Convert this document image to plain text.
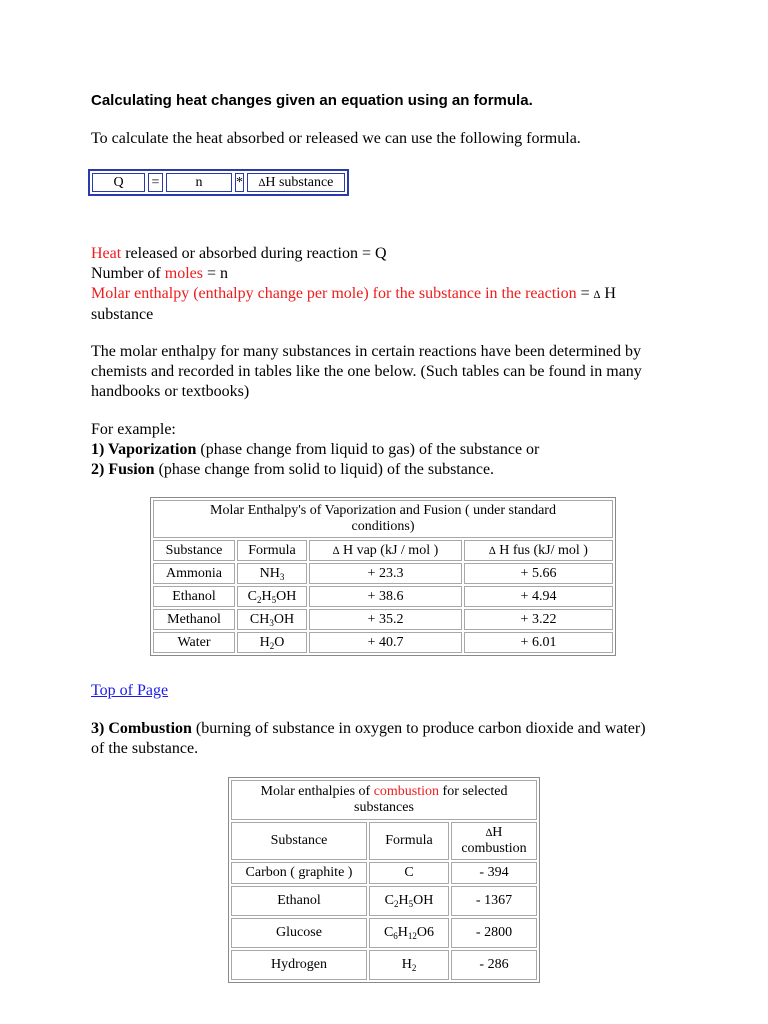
Calculating heat changes given an equation using an formula.
To calculate the heat absorbed or released we can use the following formula.
Q	=	n	*	∆H substance
Heat released or absorbed during reaction = Q
Number of moles = n
Molar enthalpy (enthalpy change per mole) for the substance in the reaction = ∆ H
substance
The molar enthalpy for many substances in certain reactions have been determined by chemists and recorded in tables like the one below. (Such tables can be found in many handbooks or textbooks)
For example:
1) Vaporization (phase change from liquid to gas) of the substance or
2) Fusion (phase change from solid to liquid) of the substance.
Molar Enthalpy's of Vaporization and Fusion ( under standard conditions)			
Substance	Formula	∆ H vap (kJ / mol )	∆ H fus (kJ/ mol )
Ammonia	$NH_3$	+ 23.3	+ 5.66
Ethanol	$C_2H_5OH$	+ 38.6	+ 4.94
Methanol	$CH_3OH$	+ 35.2	+ 3.22
Water	$H_2O$	+ 40.7	+ 6.01
Top of Page
3) Combustion (burning of substance in oxygen to produce carbon dioxide and water) of the substance.
Molar enthalpies of combustion for selected substances		
Substance	Formula	∆H
combustion
Carbon ( graphite )	C	- 394
Ethanol	$C_2H_5OH$	- 1367
Glucose	$C_6H_{12}O6$	- 2800
Hydrogen	$H_2$	- 286
